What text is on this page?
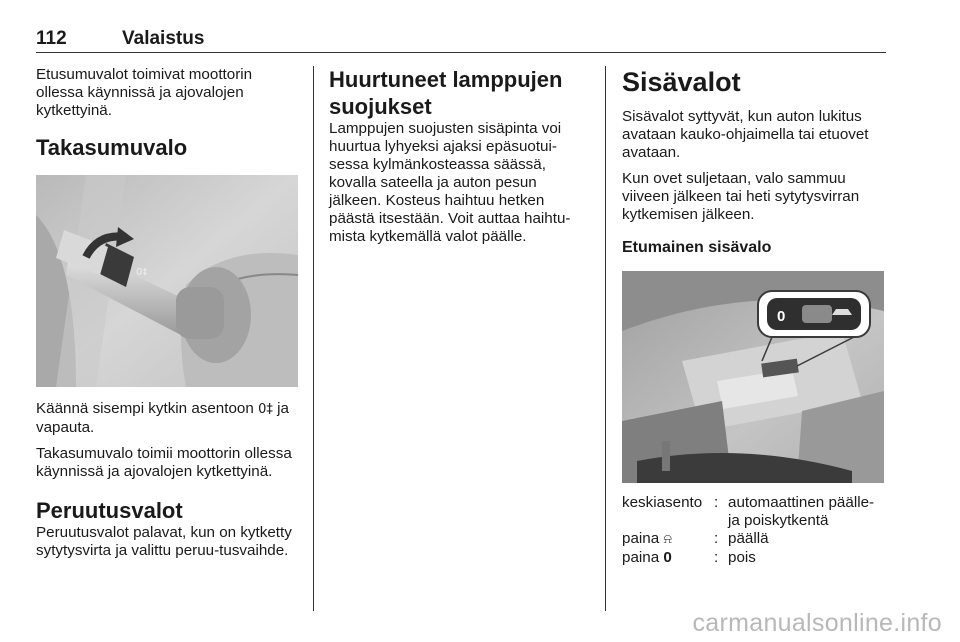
112	Valaistus

Etusumuvalot toimivat moottorin ollessa käynnissä ja ajovalojen kytkettyinä.

Takasumuvalo
0‡

Käännä sisempi kytkin asentoon 0‡ ja vapauta.

Takasumuvalo toimii moottorin ollessa käynnissä ja ajovalojen kytkettyinä.

Peruutusvalot

Peruutusvalot palavat, kun on kytketty sytytysvirta ja valittu peruu-tusvaihde.

Huurtuneet lamppujen suojukset

Lamppujen suojusten sisäpinta voi huurtua lyhyeksi ajaksi epäsuotui-sessa kylmänkosteassa säässä, kovalla sateella ja auton pesun jälkeen. Kosteus haihtuu hetken päästä itsestään. Voit auttaa haihtu-mista kytkemällä valot päälle.

Sisävalot

Sisävalot syttyvät, kun auton lukitus avataan kauko-ohjaimella tai etuovet avataan.

Kun ovet suljetaan, valo sammuu viiveen jälkeen tai heti sytytysvirran kytkemisen jälkeen.

Etumainen sisävalo
0
keskiasento	:	automaattinen päälle- ja poiskytkentä
paina ⍾	:	päällä
paina 0	:	pois
carmanualsonline.info
